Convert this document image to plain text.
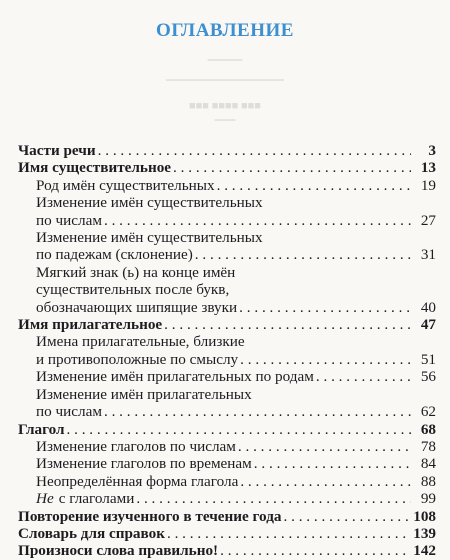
ОГЛАВЛЕНИЕ
▔▔▔▔▔
▔▔▔▔▔▔▔▔▔▔▔▔▔▔▔▔▔
■■■ ■■■■ ■■■
▔▔▔
Части речи . . .	3
Имя существительное . . .	13
Род имён существительных . . .	19
Изменение имён существительных
по числам . . .	27
Изменение имён существительных
по падежам (склонение) . . .	31
Мягкий знак (ь) на конце имён
существительных после букв,
обозначающих шипящие звуки . . .	40
Имя прилагательное . . .	47
Имена прилагательные, близкие
и противоположные по смыслу . . .	51
Изменение имён прилагательных по родам . . .	56
Изменение имён прилагательных
по числам . . .	62
Глагол . . .	68
Изменение глаголов по числам . . .	78
Изменение глаголов по временам . . .	84
Неопределённая форма глагола . . .	88
Не с глаголами . . .	99
Повторение изученного в течение года . . .	108
Словарь для справок . . .	139
Произноси слова правильно! . . .	142
